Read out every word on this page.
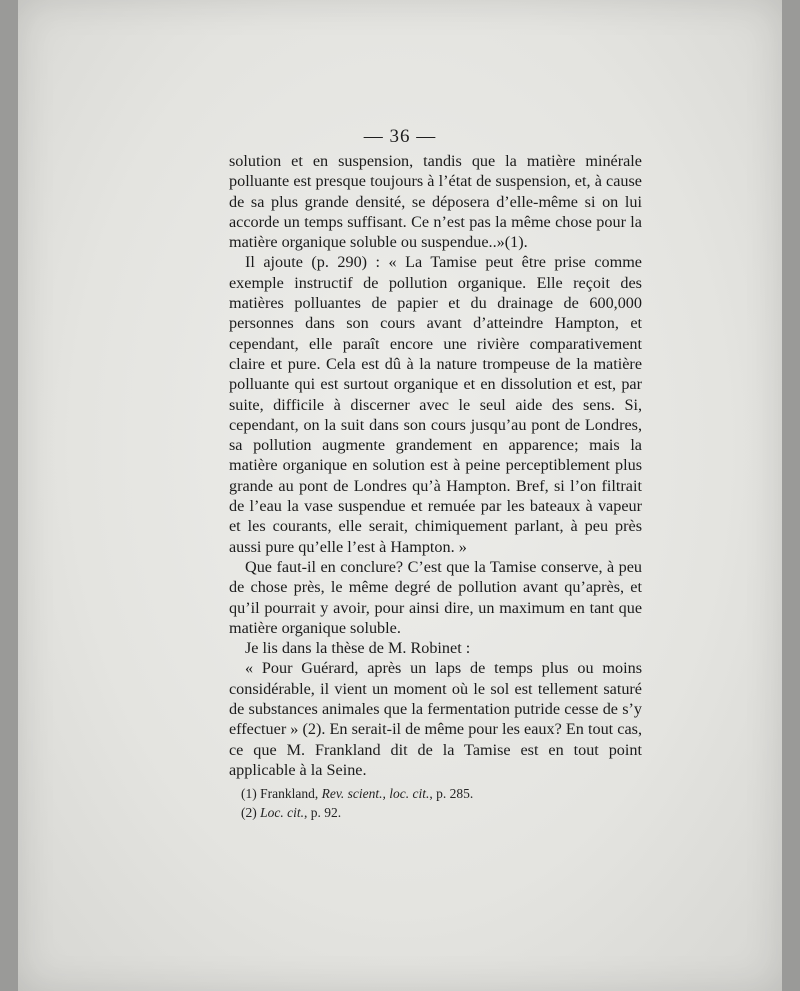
— 36 —

solution et en suspension, tandis que la matière minérale polluante est presque toujours à l’état de suspension, et, à cause de sa plus grande densité, se déposera d’elle-même si on lui accorde un temps suffisant. Ce n’est pas la même chose pour la matière organique soluble ou suspendue..»(1).

Il ajoute (p. 290) : « La Tamise peut être prise comme exemple instructif de pollution organique. Elle reçoit des matières polluantes de papier et du drainage de 600,000 personnes dans son cours avant d’atteindre Hampton, et cependant, elle paraît encore une rivière comparativement claire et pure. Cela est dû à la nature trompeuse de la matière polluante qui est surtout organique et en dissolution et est, par suite, difficile à discerner avec le seul aide des sens. Si, cependant, on la suit dans son cours jusqu’au pont de Londres, sa pollution augmente grandement en apparence; mais la matière organique en solution est à peine perceptiblement plus grande au pont de Londres qu’à Hampton. Bref, si l’on filtrait de l’eau la vase suspendue et remuée par les bateaux à vapeur et les courants, elle serait, chimiquement parlant, à peu près aussi pure qu’elle l’est à Hampton. »

Que faut-il en conclure? C’est que la Tamise conserve, à peu de chose près, le même degré de pollution avant qu’après, et qu’il pourrait y avoir, pour ainsi dire, un maximum en tant que matière organique soluble.

Je lis dans la thèse de M. Robinet :

« Pour Guérard, après un laps de temps plus ou moins considérable, il vient un moment où le sol est tellement saturé de substances animales que la fermentation putride cesse de s’y effectuer » (2). En serait-il de même pour les eaux? En tout cas, ce que M. Frankland dit de la Tamise est en tout point applicable à la Seine.

(1) Frankland, Rev. scient., loc. cit., p. 285.
(2) Loc. cit., p. 92.
